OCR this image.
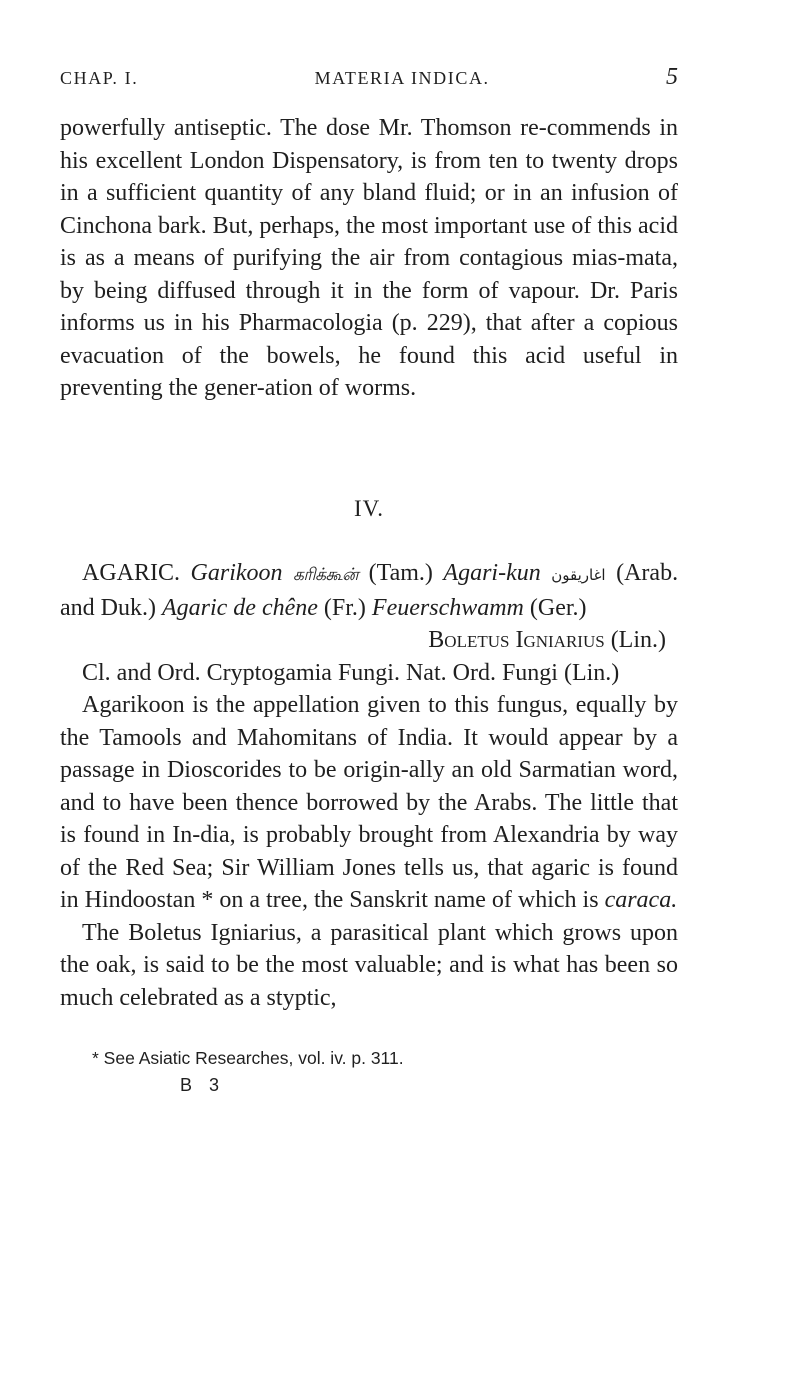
CHAP. I.	MATERIA INDICA.	5

powerfully antiseptic. The dose Mr. Thomson re-commends in his excellent London Dispensatory, is from ten to twenty drops in a sufficient quantity of any bland fluid; or in an infusion of Cinchona bark. But, perhaps, the most important use of this acid is as a means of purifying the air from contagious mias-mata, by being diffused through it in the form of vapour. Dr. Paris informs us in his Pharmacologia (p. 229), that after a copious evacuation of the bowels, he found this acid useful in preventing the gener-ation of worms.

IV.

AGARIC. Garikoon கரிக்கூன் (Tam.) Agari-kun اغاريقون (Arab. and Duk.) Agaric de chêne (Fr.) Feuerschwamm (Ger.)

Boletus Igniarius (Lin.)

Cl. and Ord. Cryptogamia Fungi. Nat. Ord. Fungi (Lin.)

Agarikoon is the appellation given to this fungus, equally by the Tamools and Mahomitans of India. It would appear by a passage in Dioscorides to be origin-ally an old Sarmatian word, and to have been thence borrowed by the Arabs. The little that is found in In-dia, is probably brought from Alexandria by way of the Red Sea; Sir William Jones tells us, that agaric is found in Hindoostan * on a tree, the Sanskrit name of which is caraca.

The Boletus Igniarius, a parasitical plant which grows upon the oak, is said to be the most valuable; and is what has been so much celebrated as a styptic,

* See Asiatic Researches, vol. iv. p. 311.
B 3
